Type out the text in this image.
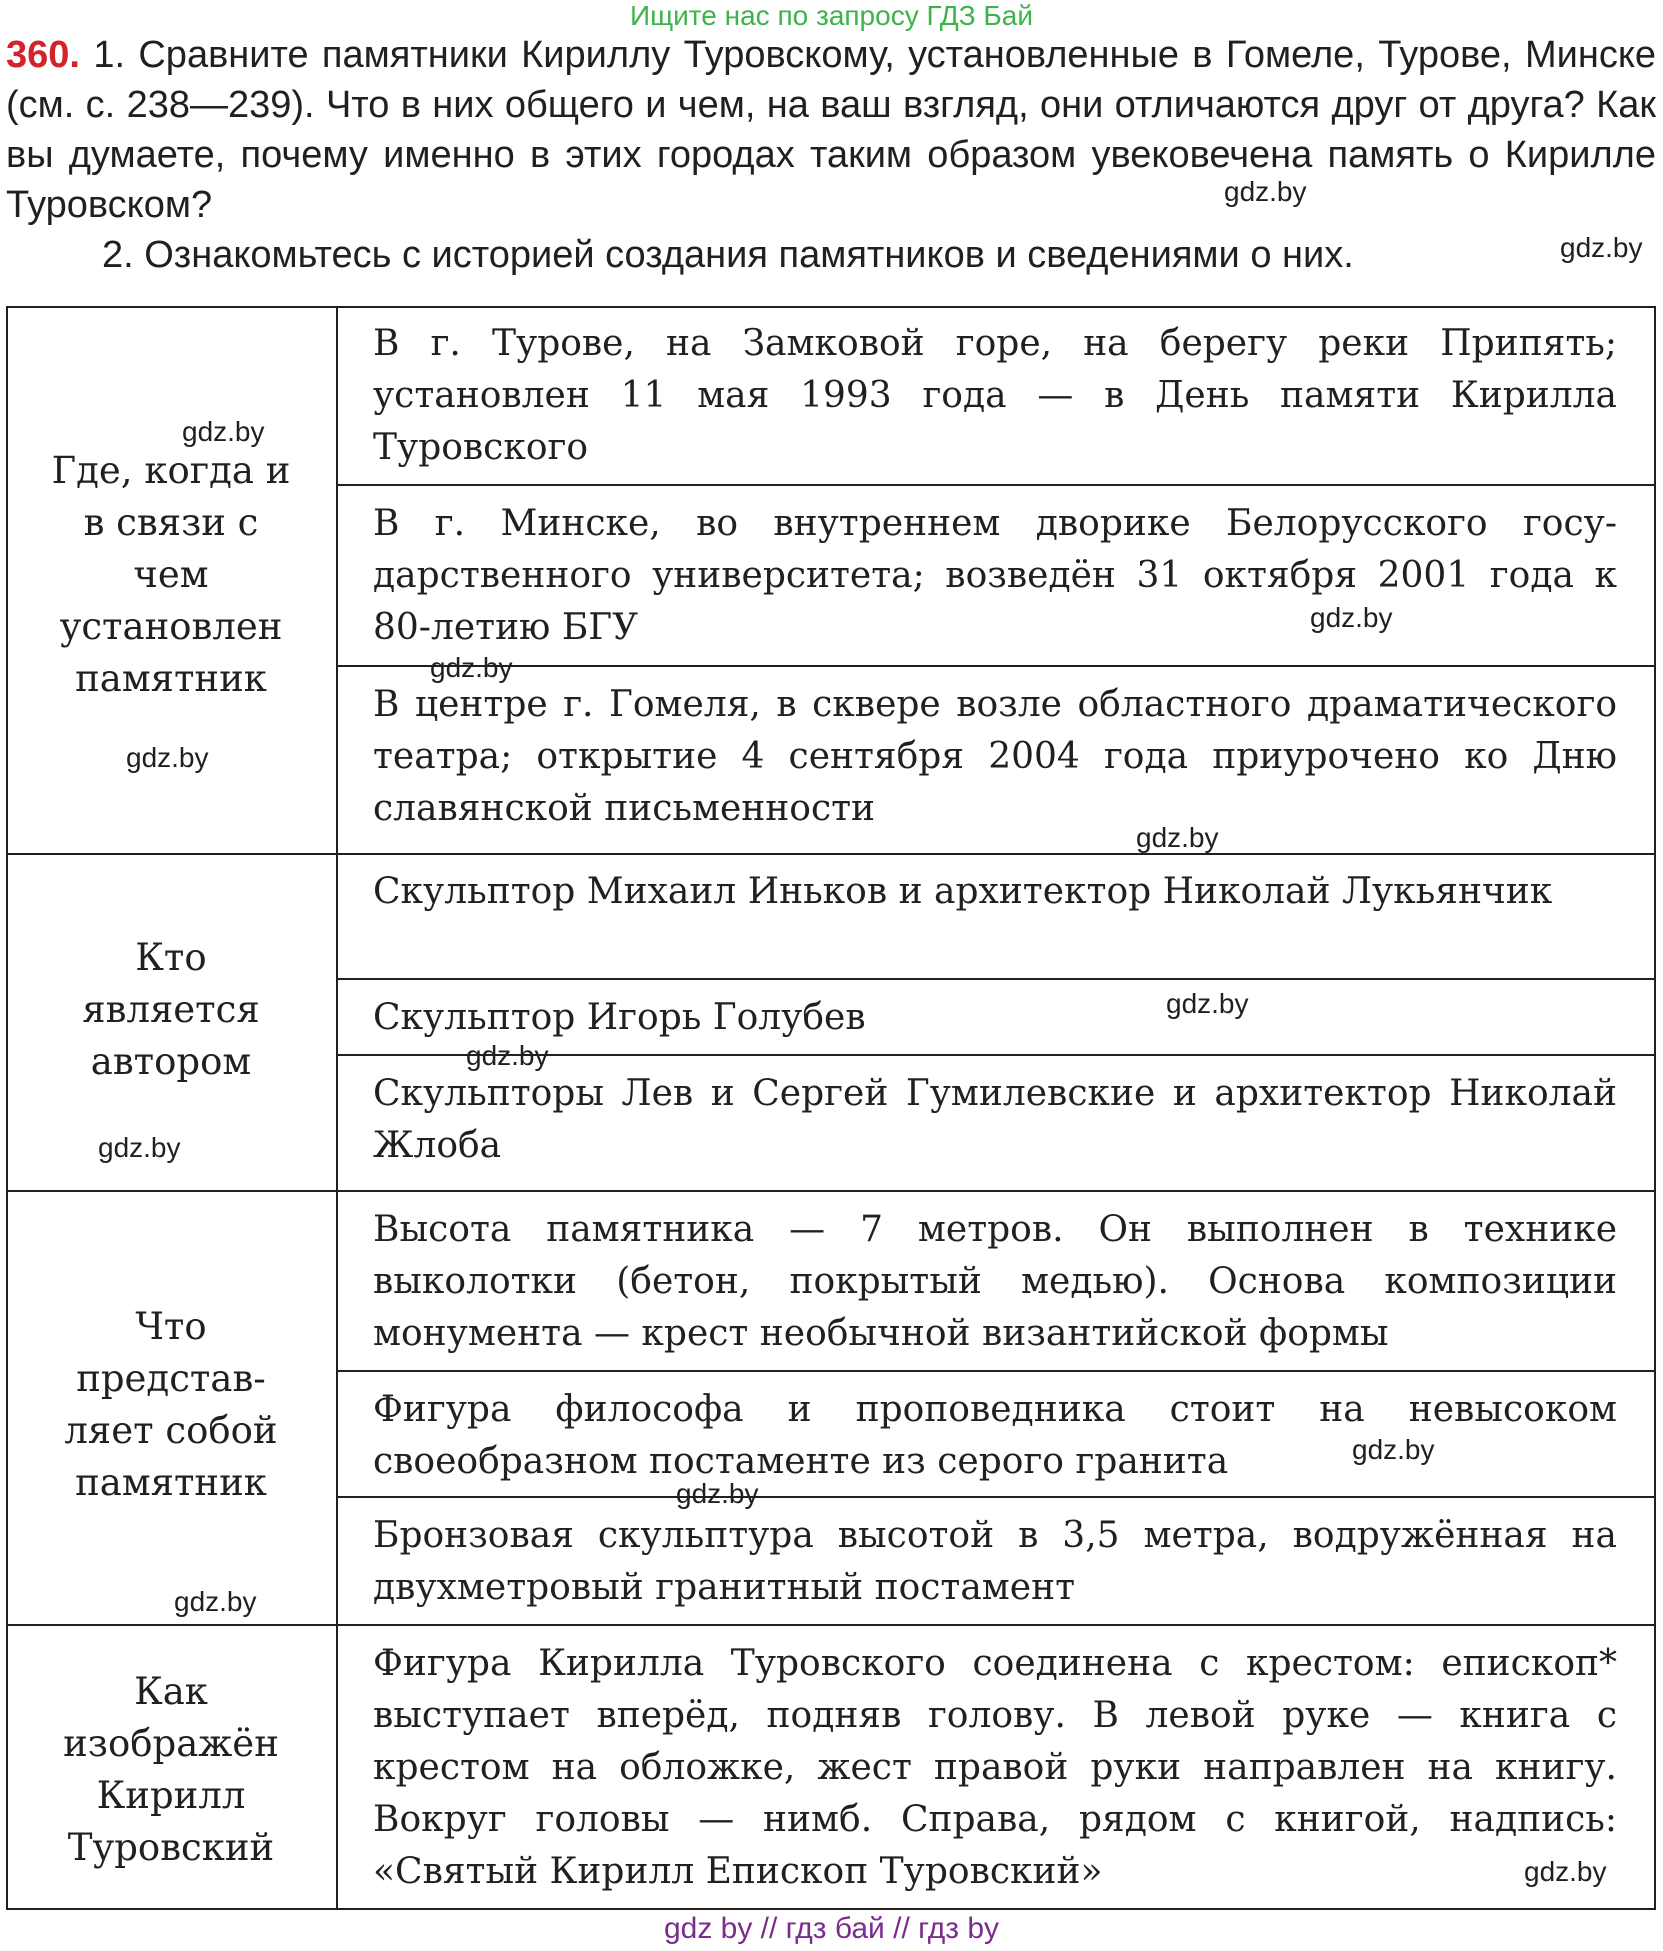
Ищите нас по запросу ГДЗ Бай

360. 1. Сравните памятники Кириллу Туровскому, установленные в Гомеле, Турове, Минске (см. с. 238—239). Что в них общего и чем, на ваш взгляд, они отличаются друг от друга? Как вы думаете, почему именно в этих городах таким образом увековечена память о Кирилле Туровском?

2. Ознакомьтесь с историей создания памятников и сведениями о них.

Где, когда и в связи с чем установлен памятник
Кто является автором
Что представляет собой памятник
Как изображён Кирилл Туровский
В г. Турове, на Замковой горе, на берегу реки Припять; установлен 11 мая 1993 года — в День памяти Кирилла Туровского
В г. Минске, во внутреннем дворике Белорусского государственного университета; возведён 31 октября 2001 года к 80-летию БГУ
В центре г. Гомеля, в сквере возле областного драматического театра; открытие 4 сентября 2004 года приурочено ко Дню славянской письменности
Скульптор Михаил Иньков и архитектор Николай Лукьянчик
Скульптор Игорь Голубев
Скульпторы Лев и Сергей Гумилевские и архитектор Николай Жлоба
Высота памятника — 7 метров. Он выполнен в технике выколотки (бетон, покрытый медью). Основа композиции монумента — крест необычной византийской формы
Фигура философа и проповедника стоит на невысоком своеобразном постаменте из серого гранита
Бронзовая скульптура высотой в 3,5 метра, водружённая на двухметровый гранитный постамент
Фигура Кирилла Туровского соединена с крестом: епископ* выступает вперёд, подняв голову. В левой руке — книга с крестом на обложке, жест правой руки направлен на книгу. Вокруг головы — нимб. Справа, рядом с книгой, надпись: «Святый Кирилл Епископ Туровский»
gdz.by
gdz.by
gdz.by
gdz.by
gdz.by
gdz.by
gdz.by
gdz.by
gdz.by
gdz.by
gdz.by
gdz.by
gdz.by
gdz.by
gdz by // гдз бай // гдз by
